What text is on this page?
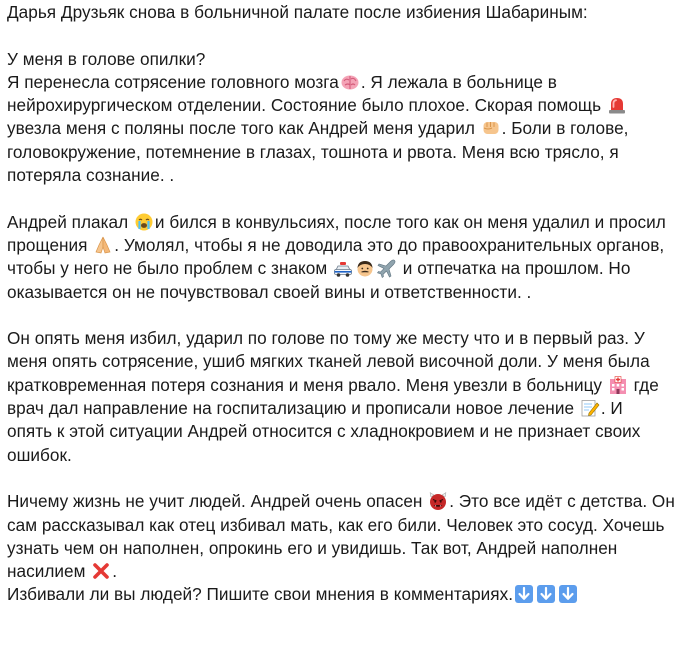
Дарья Друзьяк снова в больничной палате после избиения Шабариным:
У меня в голове опилки?
Я перенесла сотрясение головного мозга . Я лежала в больнице в
нейрохирургическом отделении. Состояние было плохое. Скорая помощь
увезла меня с поляны после того как Андрей меня ударил . Боли в голове,
головокружение, потемнение в глазах, тошнота и рвота. Меня всю трясло, я
потеряла сознание. .
Андрей плакал и бился в конвульсиях, после того как он меня удалил и просил
прощения . Умолял, чтобы я не доводила это до правоохранительных органов,
чтобы у него не было проблем с знаком	и отпечатка на прошлом. Но
оказывается он не почувствовал своей вины и ответственности. .
Он опять меня избил, ударил по голове по тому же месту что и в первый раз. У
меня опять сотрясение, ушиб мягких тканей левой височной доли. У меня была
кратковременная потеря сознания и меня рвало. Меня увезли в больницу
где
врач дал направление на госпитализацию и прописали новое лечение . И
опять к этой ситуации Андрей относится с хладнокровием и не признает своих
ошибок.
Ничему жизнь не учит людей. Андрей очень опасен . Это все идёт с детства. Он
сам рассказывал как отец избивал мать, как его били. Человек это сосуд. Хочешь
узнать чем он наполнен, опрокинь его и увидишь. Так вот, Андрей наполнен
насилием .
Избивали ли вы людей? Пишите свои мнения в комментариях.
